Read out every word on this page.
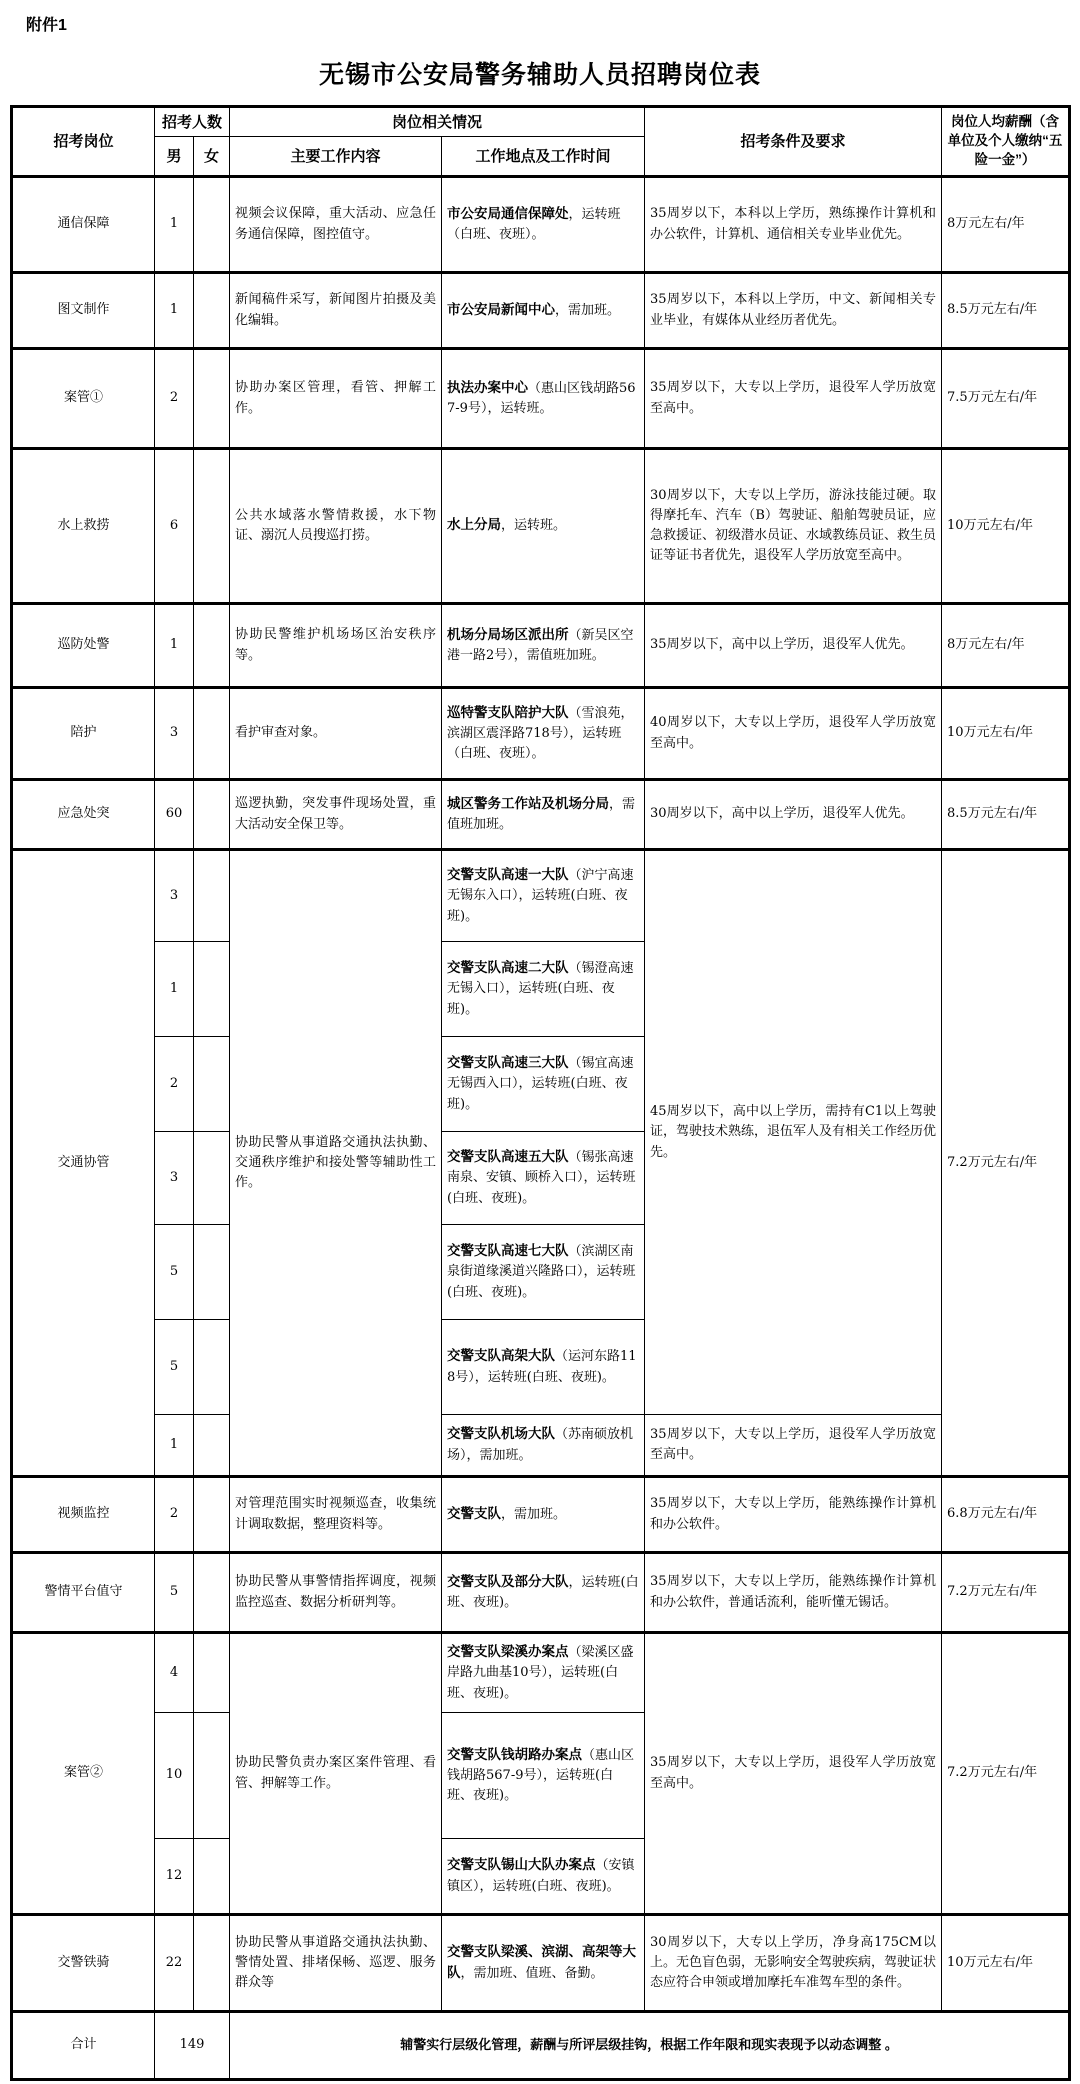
附件1
无锡市公安局警务辅助人员招聘岗位表
招考岗位	招考人数		岗位相关情况		招考条件及要求	岗位人均薪酬（含单位及个人缴纳“五险一金”）
	男	女	主要工作内容	工作地点及工作时间		
通信保障	1		视频会议保障，重大活动、应急任务通信保障，图控值守。	市公安局通信保障处，运转班（白班、夜班）。	35周岁以下，本科以上学历，熟练操作计算机和办公软件，计算机、通信相关专业毕业优先。	8万元左右/年
图文制作	1		新闻稿件采写，新闻图片拍摄及美化编辑。	市公安局新闻中心，需加班。	35周岁以下，本科以上学历，中文、新闻相关专业毕业，有媒体从业经历者优先。	8.5万元左右/年
案管①	2		协助办案区管理，看管、押解工作。	执法办案中心（惠山区钱胡路567-9号），运转班。	35周岁以下，大专以上学历，退役军人学历放宽至高中。	7.5万元左右/年
水上救捞	6		公共水域落水警情救援，水下物证、溺沉人员搜巡打捞。	水上分局，运转班。	30周岁以下，大专以上学历，游泳技能过硬。取得摩托车、汽车（B）驾驶证、船舶驾驶员证，应急救援证、初级潜水员证、水域教练员证、救生员证等证书者优先，退役军人学历放宽至高中。	10万元左右/年
巡防处警	1		协助民警维护机场场区治安秩序等。	机场分局场区派出所（新吴区空港一路2号），需值班加班。	35周岁以下，高中以上学历，退役军人优先。	8万元左右/年
陪护	3		看护审查对象。	巡特警支队陪护大队（雪浪苑，滨湖区震泽路718号），运转班（白班、夜班）。	40周岁以下，大专以上学历，退役军人学历放宽至高中。	10万元左右/年
应急处突	60		巡逻执勤，突发事件现场处置，重大活动安全保卫等。	城区警务工作站及机场分局，需值班加班。	30周岁以下，高中以上学历，退役军人优先。	8.5万元左右/年
交通协管	3		协助民警从事道路交通执法执勤、交通秩序维护和接处警等辅助性工作。	交警支队高速一大队（沪宁高速无锡东入口），运转班(白班、夜班)。	45周岁以下，高中以上学历，需持有C1以上驾驶证，驾驶技术熟练，退伍军人及有相关工作经历优先。	7.2万元左右/年
	1			交警支队高速二大队（锡澄高速无锡入口），运转班(白班、夜班)。		
	2			交警支队高速三大队（锡宜高速无锡西入口），运转班(白班、夜班)。		
	3			交警支队高速五大队（锡张高速南泉、安镇、顾桥入口），运转班(白班、夜班)。		
	5			交警支队高速七大队（滨湖区南泉街道缘溪道兴隆路口），运转班(白班、夜班)。		
	5			交警支队高架大队（运河东路118号），运转班(白班、夜班)。		
	1			交警支队机场大队（苏南硕放机场），需加班。	35周岁以下，大专以上学历，退役军人学历放宽至高中。	
视频监控	2		对管理范围实时视频巡查，收集统计调取数据，整理资料等。	交警支队，需加班。	35周岁以下，大专以上学历，能熟练操作计算机和办公软件。	6.8万元左右/年
警情平台值守	5		协助民警从事警情指挥调度，视频监控巡查、数据分析研判等。	交警支队及部分大队，运转班(白班、夜班)。	35周岁以下，大专以上学历，能熟练操作计算机和办公软件，普通话流利，能听懂无锡话。	7.2万元左右/年
案管②	4		协助民警负责办案区案件管理、看管、押解等工作。	交警支队梁溪办案点（梁溪区盛岸路九曲基10号），运转班(白班、夜班)。	35周岁以下，大专以上学历，退役军人学历放宽至高中。	7.2万元左右/年
	10			交警支队钱胡路办案点（惠山区钱胡路567-9号），运转班(白班、夜班)。		
	12			交警支队锡山大队办案点（安镇镇区），运转班(白班、夜班)。		
交警铁骑	22		协助民警从事道路交通执法执勤、警情处置、排堵保畅、巡逻、服务群众等	交警支队梁溪、滨湖、高架等大队，需加班、值班、备勤。	30周岁以下，大专以上学历，净身高175CM以上。无色盲色弱，无影响安全驾驶疾病，驾驶证状态应符合申领或增加摩托车准驾车型的条件。	10万元左右/年
合计	149		辅警实行层级化管理，薪酬与所评层级挂钩，根据工作年限和现实表现予以动态调整 。			
